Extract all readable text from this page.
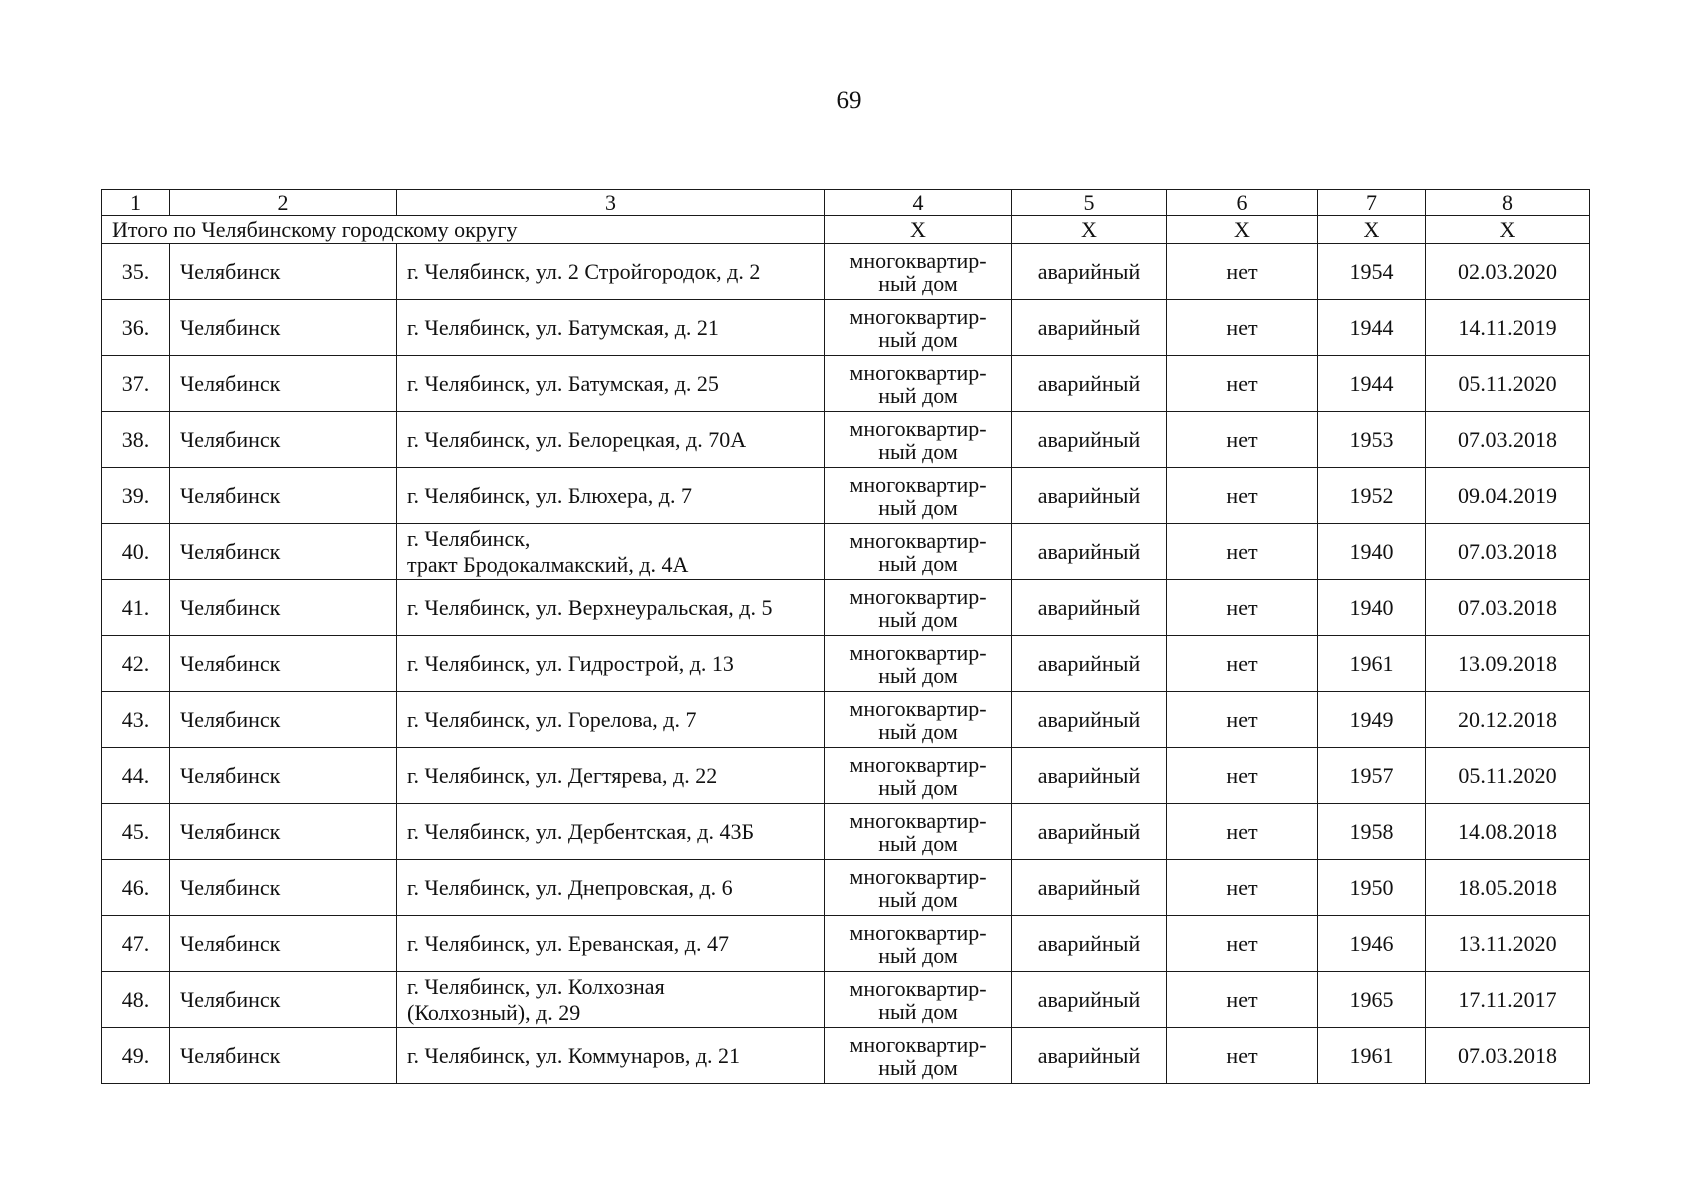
69
1	2	3	4	5	6	7	8
Итого по Челябинскому городскому округу			Х	Х	Х	Х	Х
35.	Челябинск	г. Челябинск, ул. 2 Стройгородок, д. 2	многоквартир-
ный дом	аварийный	нет	1954	02.03.2020
36.	Челябинск	г. Челябинск, ул. Батумская, д. 21	многоквартир-
ный дом	аварийный	нет	1944	14.11.2019
37.	Челябинск	г. Челябинск, ул. Батумская, д. 25	многоквартир-
ный дом	аварийный	нет	1944	05.11.2020
38.	Челябинск	г. Челябинск, ул. Белорецкая, д. 70А	многоквартир-
ный дом	аварийный	нет	1953	07.03.2018
39.	Челябинск	г. Челябинск, ул. Блюхера, д. 7	многоквартир-
ный дом	аварийный	нет	1952	09.04.2019
40.	Челябинск	г. Челябинск,
тракт Бродокалмакский, д. 4А	многоквартир-
ный дом	аварийный	нет	1940	07.03.2018
41.	Челябинск	г. Челябинск, ул. Верхнеуральская, д. 5	многоквартир-
ный дом	аварийный	нет	1940	07.03.2018
42.	Челябинск	г. Челябинск, ул. Гидрострой, д. 13	многоквартир-
ный дом	аварийный	нет	1961	13.09.2018
43.	Челябинск	г. Челябинск, ул. Горелова, д. 7	многоквартир-
ный дом	аварийный	нет	1949	20.12.2018
44.	Челябинск	г. Челябинск, ул. Дегтярева, д. 22	многоквартир-
ный дом	аварийный	нет	1957	05.11.2020
45.	Челябинск	г. Челябинск, ул. Дербентская, д. 43Б	многоквартир-
ный дом	аварийный	нет	1958	14.08.2018
46.	Челябинск	г. Челябинск, ул. Днепровская, д. 6	многоквартир-
ный дом	аварийный	нет	1950	18.05.2018
47.	Челябинск	г. Челябинск, ул. Ереванская, д. 47	многоквартир-
ный дом	аварийный	нет	1946	13.11.2020
48.	Челябинск	г. Челябинск, ул. Колхозная
(Колхозный), д. 29	многоквартир-
ный дом	аварийный	нет	1965	17.11.2017
49.	Челябинск	г. Челябинск, ул. Коммунаров, д. 21	многоквартир-
ный дом	аварийный	нет	1961	07.03.2018
